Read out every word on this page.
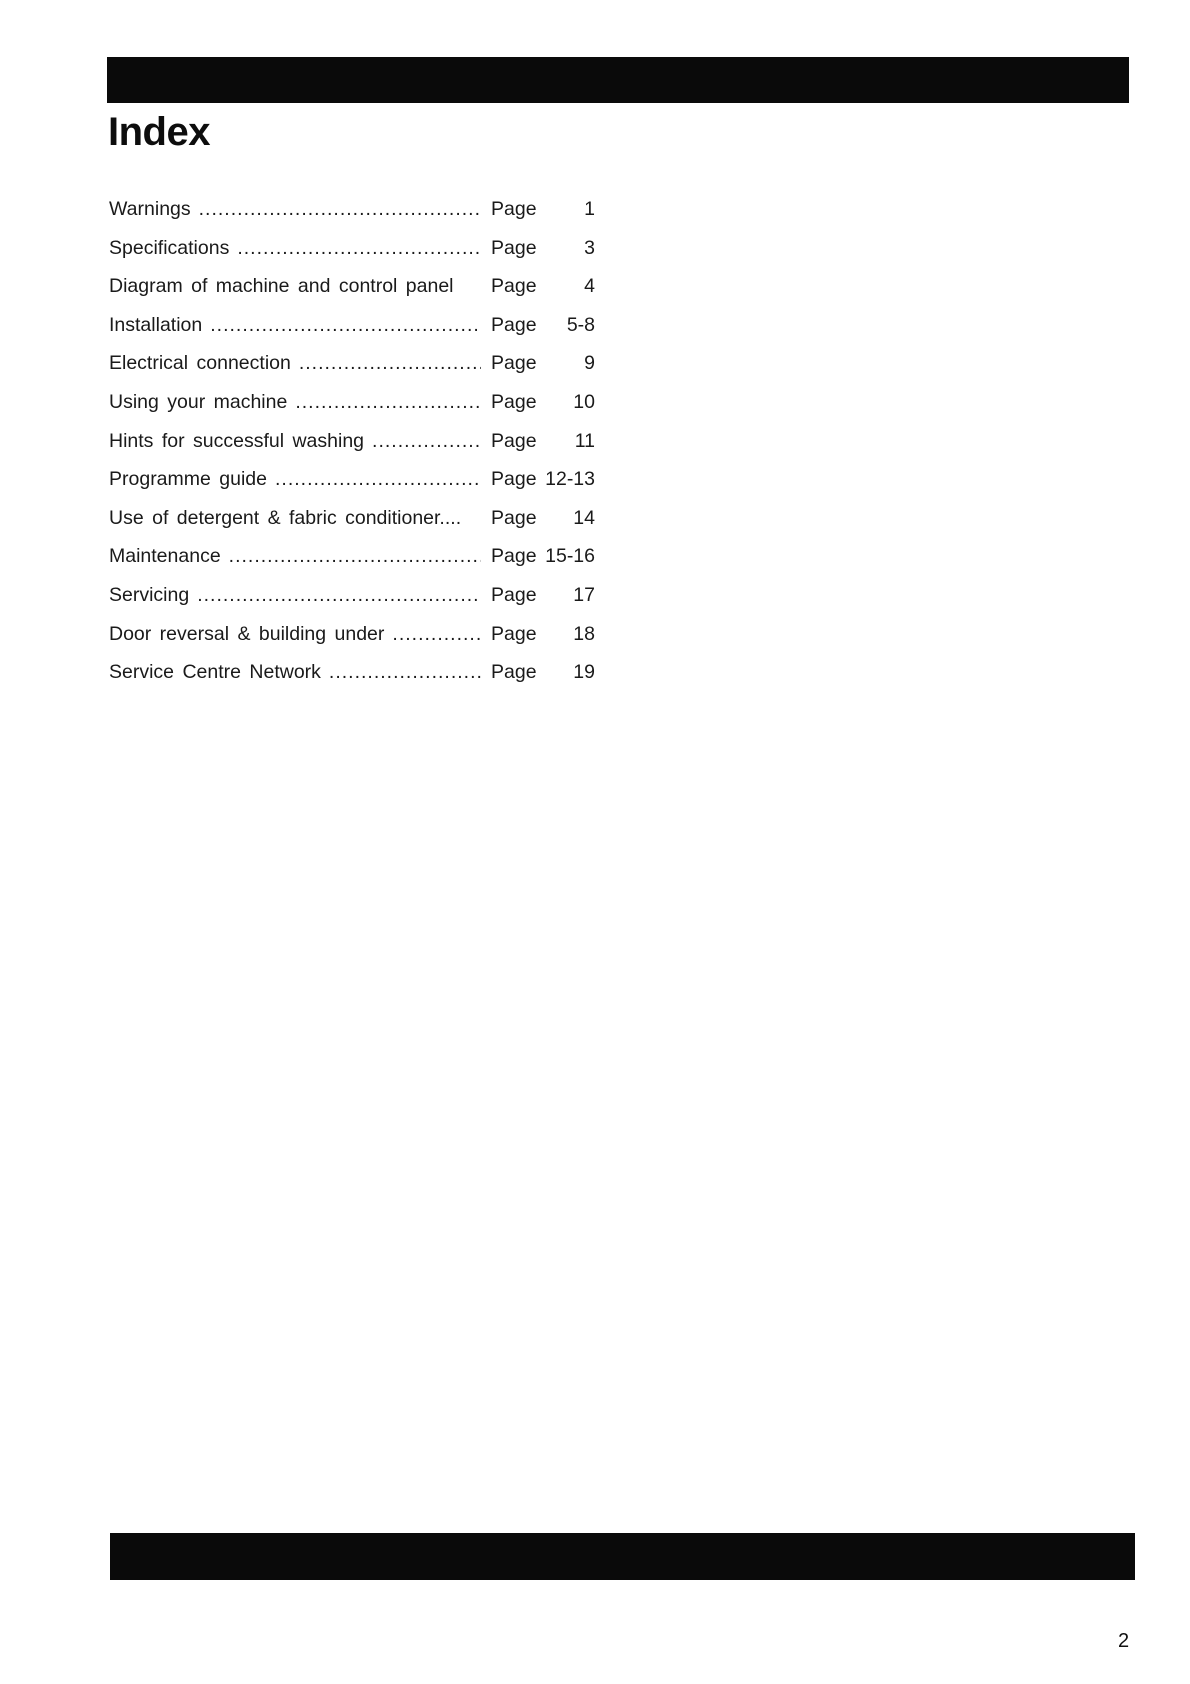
Index
Warnings .....	Page	1
Specifications .....	Page	3
Diagram of machine and control panel Page	4
Installation .....	Page	5-8
Electrical connection .....	Page	9
Using your machine .....	Page	10
Hints for successful washing .....	Page	11
Programme guide .....	Page 12-13
Use of detergent & fabric conditioner.... Page	14
Maintenance .....	Page 15-16
Servicing .....	Page	17
Door reversal & building under .....	Page	18
Service Centre Network .....	Page	19
2
